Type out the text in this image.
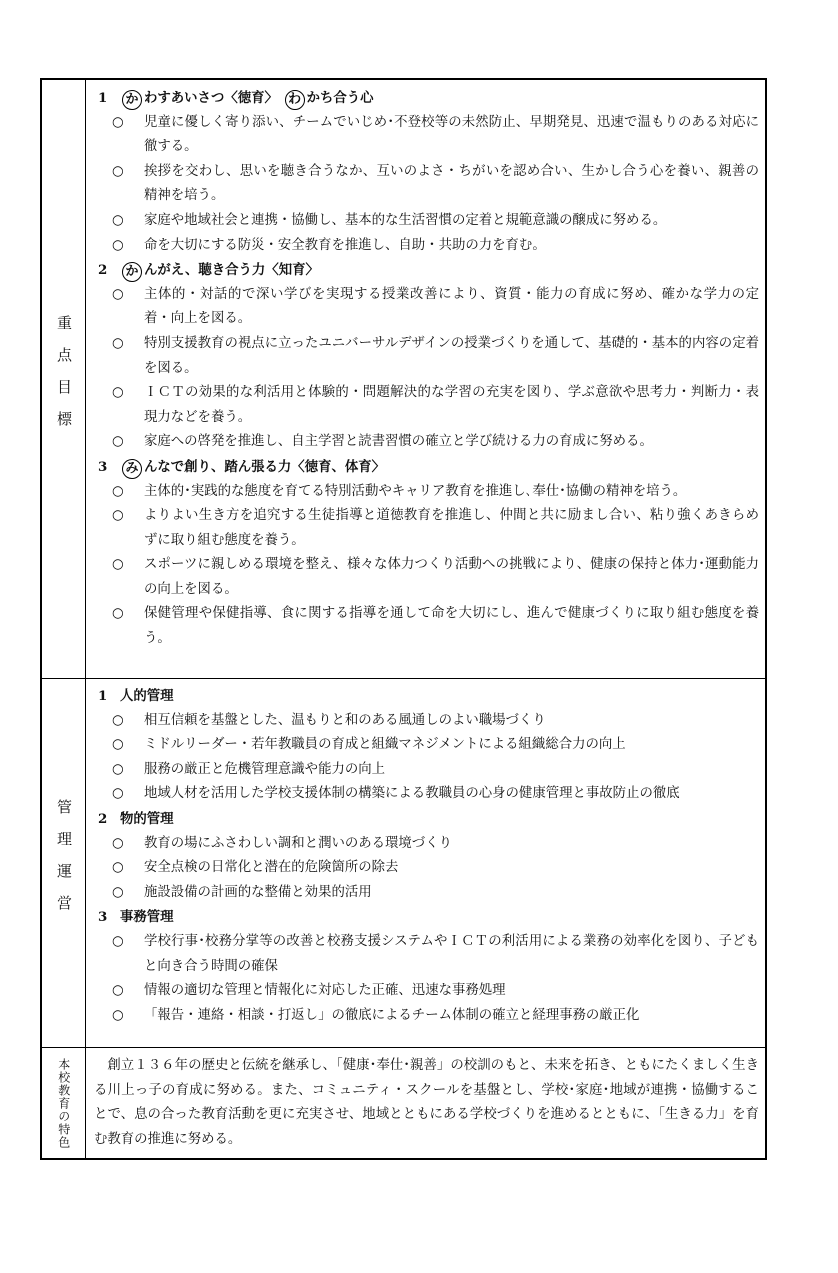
重点目標
1 か わすあいさつ〈徳育〉 わ かち合う心
○ 児童に優しく寄り添い、チームでいじめ･不登校等の未然防止、早期発見、迅速で温もりのある対応に徹する。
○ 挨拶を交わし、思いを聴き合うなか、互いのよさ・ちがいを認め合い、生かし合う心を養い、親善の精神を培う。
○ 家庭や地域社会と連携・協働し、基本的な生活習慣の定着と規範意識の醸成に努める。
○ 命を大切にする防災・安全教育を推進し、自助・共助の力を育む。
2 か んがえ、聴き合う力〈知育〉
○ 主体的・対話的で深い学びを実現する授業改善により、資質・能力の育成に努め、確かな学力の定着・向上を図る。
○ 特別支援教育の視点に立ったユニバーサルデザインの授業づくりを通して、基礎的・基本的内容の定着を図る。
○ ＩＣＴの効果的な利活用と体験的・問題解決的な学習の充実を図り、学ぶ意欲や思考力・判断力・表現力などを養う。
○ 家庭への啓発を推進し、自主学習と読書習慣の確立と学び続ける力の育成に努める。
3 み んなで創り、踏ん張る力〈徳育、体育〉
○ 主体的･実践的な態度を育てる特別活動やキャリア教育を推進し､奉仕･協働の精神を培う。
○ よりよい生き方を追究する生徒指導と道徳教育を推進し、仲間と共に励まし合い、粘り強くあきらめずに取り組む態度を養う。
○ スポーツに親しめる環境を整え、様々な体力つくり活動への挑戦により、健康の保持と体力･運動能力の向上を図る。
○ 保健管理や保健指導、食に関する指導を通して命を大切にし、進んで健康づくりに取り組む態度を養う。
管理運営
1 人的管理
○ 相互信頼を基盤とした、温もりと和のある風通しのよい職場づくり
○ ミドルリーダー・若年教職員の育成と組織マネジメントによる組織総合力の向上
○ 服務の厳正と危機管理意識や能力の向上
○ 地域人材を活用した学校支援体制の構築による教職員の心身の健康管理と事故防止の徹底
2 物的管理
○ 教育の場にふさわしい調和と潤いのある環境づくり
○ 安全点検の日常化と潜在的危険箇所の除去
○ 施設設備の計画的な整備と効果的活用
3 事務管理
○ 学校行事･校務分掌等の改善と校務支援システムやＩＣＴの利活用による業務の効率化を図り、子どもと向き合う時間の確保
○ 情報の適切な管理と情報化に対応した正確、迅速な事務処理
○ 「報告・連絡・相談・打返し」の徹底によるチーム体制の確立と経理事務の厳正化
本校教育の特色	創立１３６年の歴史と伝統を継承し、「健康･奉仕･親善」の校訓のもと、未来を拓き、ともにたくましく生きる川上っ子の育成に努める。また、コミュニティ・スクールを基盤とし、学校･家庭･地域が連携・協働することで、息の合った教育活動を更に充実させ、地域とともにある学校づくりを進めるとともに、「生きる力」を育む教育の推進に努める。
